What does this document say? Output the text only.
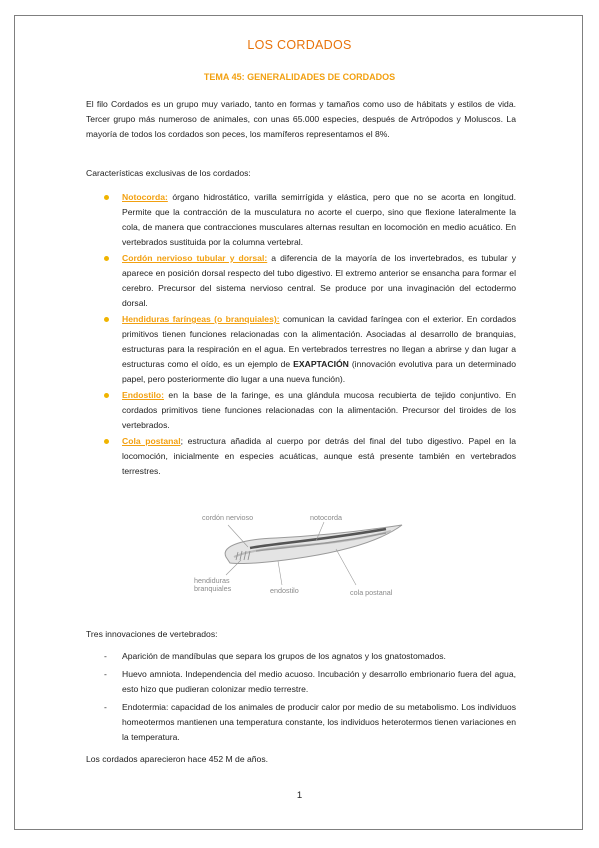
LOS CORDADOS
TEMA 45: GENERALIDADES DE CORDADOS

El filo Cordados es un grupo muy variado, tanto en formas y tamaños como uso de hábitats y estilos de vida. Tercer grupo más numeroso de animales, con unas 65.000 especies, después de Artrópodos y Moluscos. La mayoría de todos los cordados son peces, los mamíferos representamos el 8%.

Características exclusivas de los cordados:

Notocorda: órgano hidrostático, varilla semirrígida y elástica, pero que no se acorta en longitud. Permite que la contracción de la musculatura no acorte el cuerpo, sino que flexione lateralmente la cola, de manera que contracciones musculares alternas resultan en locomoción en medio acuático. En vertebrados sustituida por la columna vertebral.
Cordón nervioso tubular y dorsal: a diferencia de la mayoría de los invertebrados, es tubular y aparece en posición dorsal respecto del tubo digestivo. El extremo anterior se ensancha para formar el cerebro. Precursor del sistema nervioso central. Se produce por una invaginación del ectodermo dorsal.
Hendiduras faríngeas (o branquiales): comunican la cavidad faríngea con el exterior. En cordados primitivos tienen funciones relacionadas con la alimentación. Asociadas al desarrollo de branquias, estructuras para la respiración en el agua. En vertebrados terrestres no llegan a abrirse y dan lugar a estructuras como el oído, es un ejemplo de EXAPTACIÓN (innovación evolutiva para un determinado papel, pero posteriormente dio lugar a una nueva función).
Endostilo: en la base de la faringe, es una glándula mucosa recubierta de tejido conjuntivo. En cordados primitivos tiene funciones relacionadas con la alimentación. Precursor del tiroides de los vertebrados.
Cola postanal; estructura añadida al cuerpo por detrás del final del tubo digestivo. Papel en la locomoción, inicialmente en especies acuáticas, aunque está presente también en vertebrados terrestres.
cordón nervioso	notocorda
hendiduras branquiales	endostilo	cola postanal

Tres innovaciones de vertebrados:

- Aparición de mandíbulas que separa los grupos de los agnatos y los gnatostomados.
- Huevo amniota. Independencia del medio acuoso. Incubación y desarrollo embrionario fuera del agua, esto hizo que pudieran colonizar medio terrestre.
- Endotermia: capacidad de los animales de producir calor por medio de su metabolismo. Los individuos homeotermos mantienen una temperatura constante, los individuos heterotermos tienen variaciones en la temperatura.

Los cordados aparecieron hace 452 M de años.

1
